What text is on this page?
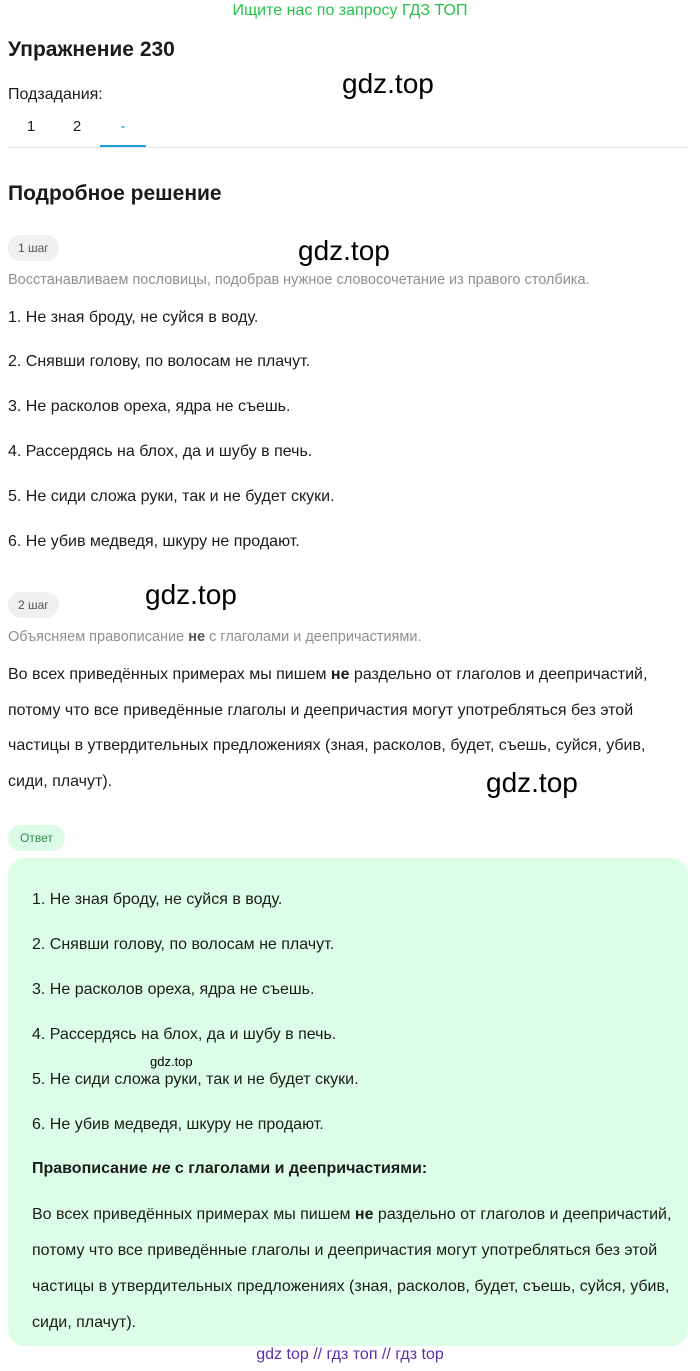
Ищите нас по запросу ГДЗ ТОП
Упражнение 230
gdz.top
gdz.top
gdz.top
gdz.top
Подзадания:
1	2	-
Подробное решение
1 шаг
Восстанавливаем пословицы, подобрав нужное словосочетание из правого столбика.
1. Не зная броду, не суйся в воду.
2. Снявши голову, по волосам не плачут.
3. Не расколов ореха, ядра не съешь.
4. Рассердясь на блох, да и шубу в печь.
5. Не сиди сложа руки, так и не будет скуки.
6. Не убив медведя, шкуру не продают.
2 шаг
Объясняем правописание не с глаголами и деепричастиями.
Во всех приведённых примерах мы пишем не раздельно от глаголов и деепричастий, потому что все приведённые глаголы и деепричастия могут употребляться без этой частицы в утвердительных предложениях (зная, расколов, будет, съешь, суйся, убив, сиди, плачут).
Ответ
1. Не зная броду, не суйся в воду.
2. Снявши голову, по волосам не плачут.
3. Не расколов ореха, ядра не съешь.
4. Рассердясь на блох, да и шубу в печь.
gdz.top
5. Не сиди сложа руки, так и не будет скуки.
6. Не убив медведя, шкуру не продают.
Правописание не с глаголами и деепричастиями:
Во всех приведённых примерах мы пишем не раздельно от глаголов и деепричастий, потому что все приведённые глаголы и деепричастия могут употребляться без этой частицы в утвердительных предложениях (зная, расколов, будет, съешь, суйся, убив, сиди, плачут).
gdz top // гдз топ // гдз top
